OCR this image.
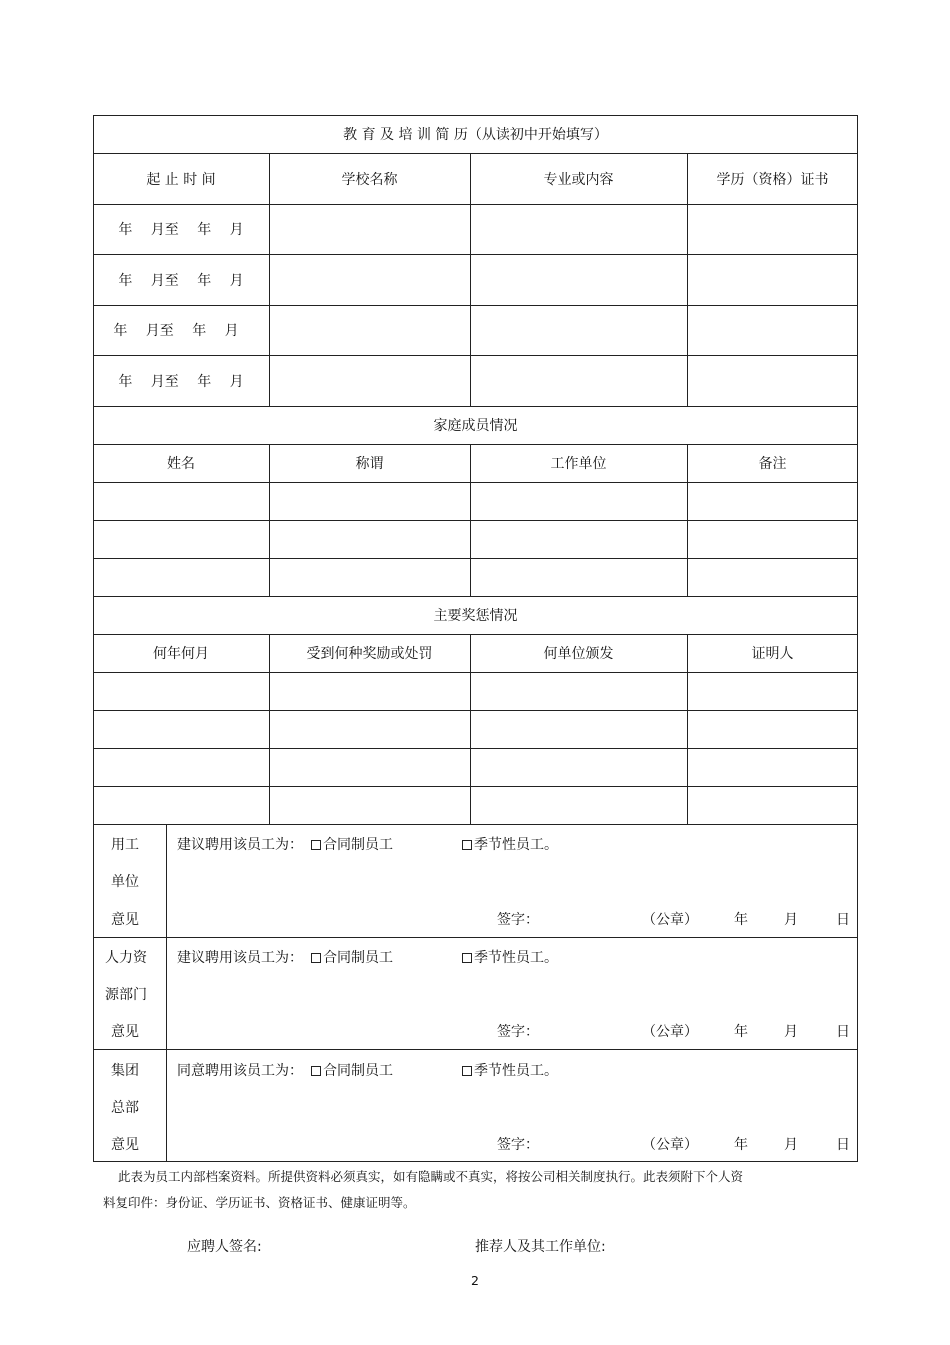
教 育 及 培 训 简 历（从读初中开始填写）
起 止 时 间	学校名称	专业或内容	学历（资格）证书
年　 月至　 年　 月
年　 月至　 年　 月
年　 月至　 年　 月
年　 月至　 年　 月
家庭成员情况
姓名	称谓	工作单位	备注
主要奖惩情况
何年何月	受到何种奖励或处罚	何单位颁发	证明人
用工
单位
意见
建议聘用该员工为：	合同制员工	季节性员工。
签字：	（公章）	年	月	日
人力资
源部门
意见
建议聘用该员工为：	合同制员工	季节性员工。
签字：	（公章）	年	月	日
集团
总部
意见
同意聘用该员工为：	合同制员工	季节性员工。
签字：	（公章）	年	月	日
此表为员工内部档案资料。所提供资料必须真实，如有隐瞒或不真实，将按公司相关制度执行。此表须附下个人资
料复印件：身份证、学历证书、资格证书、健康证明等。
应聘人签名:	推荐人及其工作单位:
2
